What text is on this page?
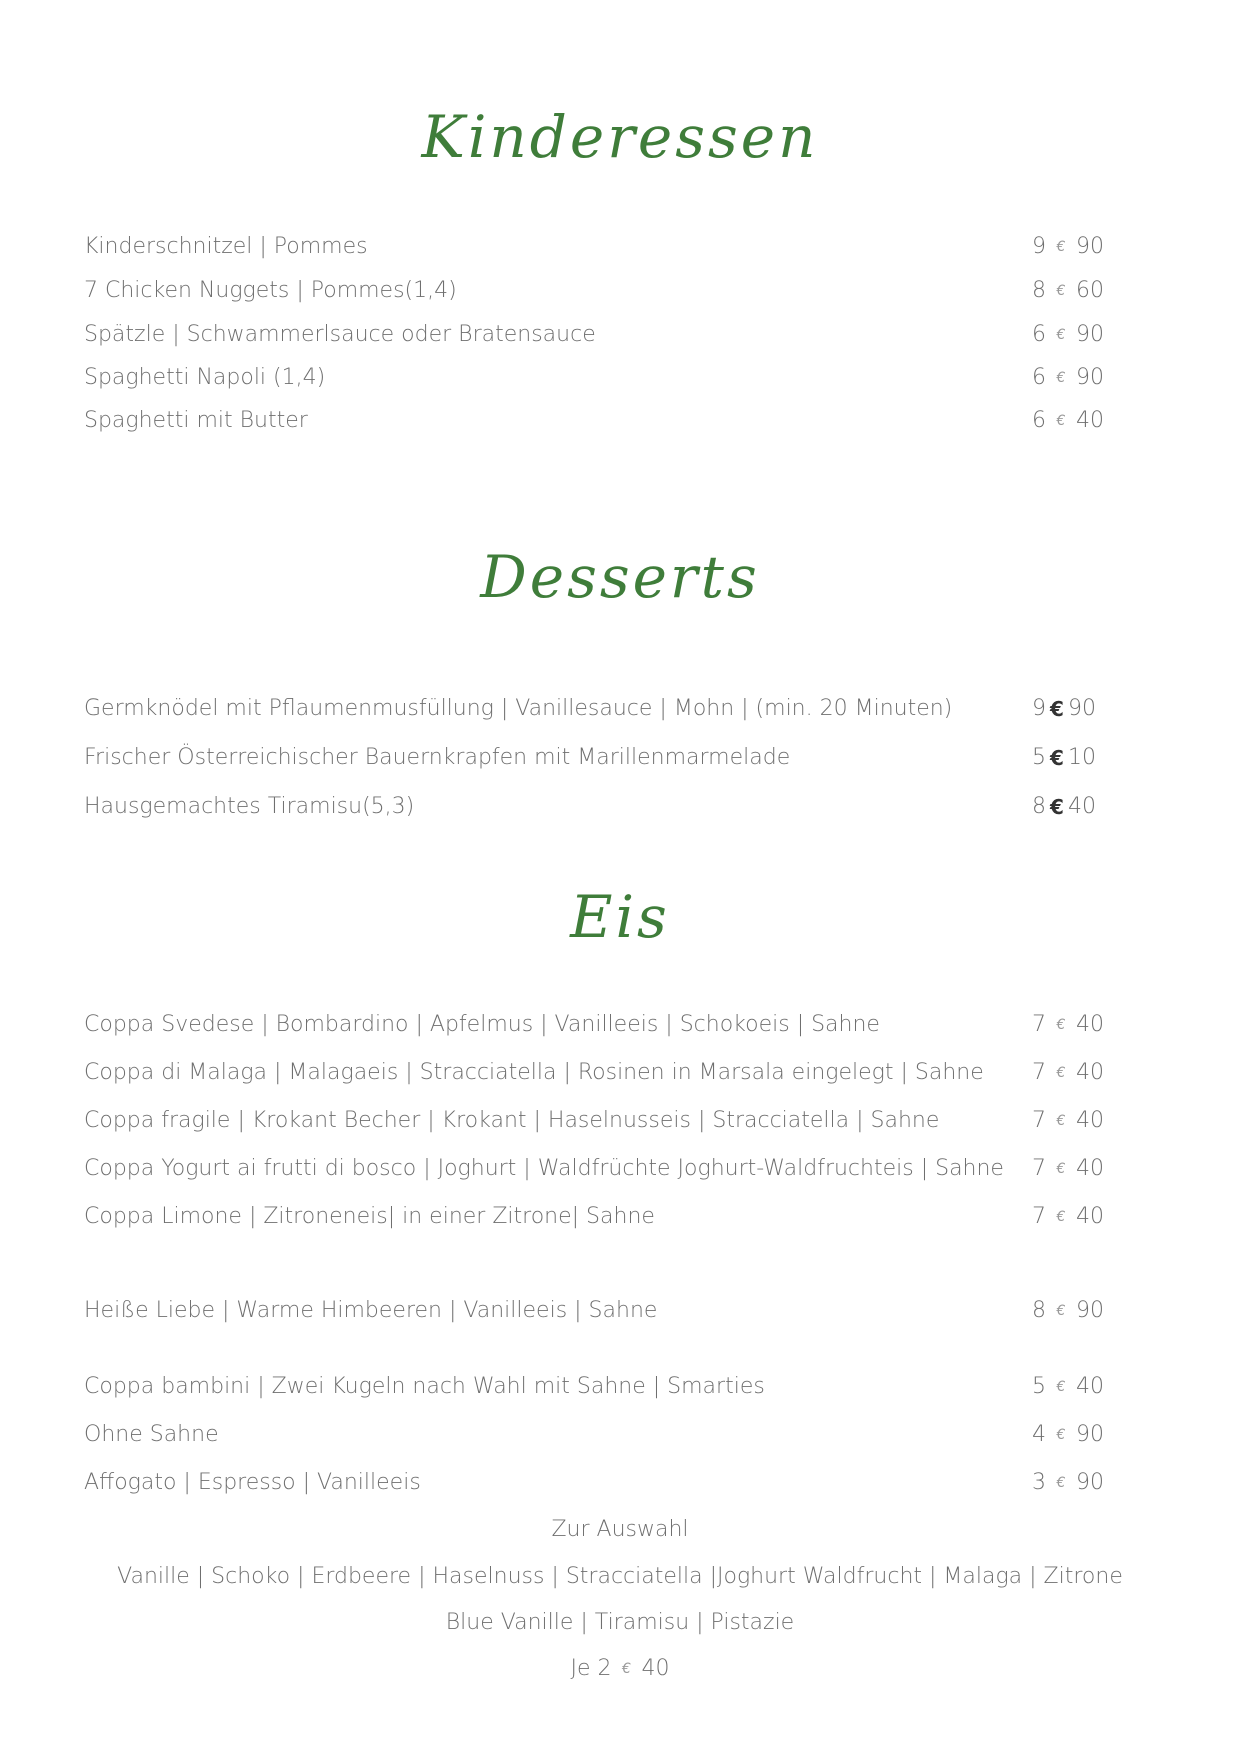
Kinderessen
Kinderschnitzel | Pommes	9 € 90
7 Chicken Nuggets | Pommes(1,4)	8 € 60
Spätzle | Schwammerlsauce oder Bratensauce	6 € 90
Spaghetti Napoli (1,4)	6 € 90
Spaghetti mit Butter	6 € 40
Desserts
Germknödel mit Pflaumenmusfüllung | Vanillesauce | Mohn | (min. 20 Minuten)	9 € 90
Frischer Österreichischer Bauernkrapfen mit Marillenmarmelade	5 € 10
Hausgemachtes Tiramisu(5,3)	8 € 40
Eis
Coppa Svedese | Bombardino | Apfelmus | Vanilleeis | Schokoeis | Sahne	7 € 40
Coppa di Malaga | Malagaeis | Stracciatella | Rosinen in Marsala eingelegt | Sahne 7 € 40
Coppa fragile | Krokant Becher | Krokant | Haselnusseis | Stracciatella | Sahne	7 € 40
Coppa Yogurt ai frutti di bosco | Joghurt | Waldfrüchte Joghurt-Waldfruchteis | Sahne 7 € 40
Coppa Limone | Zitroneneis| in einer Zitrone| Sahne	7 € 40
Heiße Liebe | Warme Himbeeren | Vanilleeis | Sahne	8 € 90
Coppa bambini | Zwei Kugeln nach Wahl mit Sahne | Smarties	5 € 40
Ohne Sahne	4 € 90
Affogato | Espresso | Vanilleeis	3 € 90
Zur Auswahl
Vanille | Schoko | Erdbeere | Haselnuss | Stracciatella |Joghurt Waldfrucht | Malaga | Zitrone
Blue Vanille | Tiramisu | Pistazie
Je 2 € 40
